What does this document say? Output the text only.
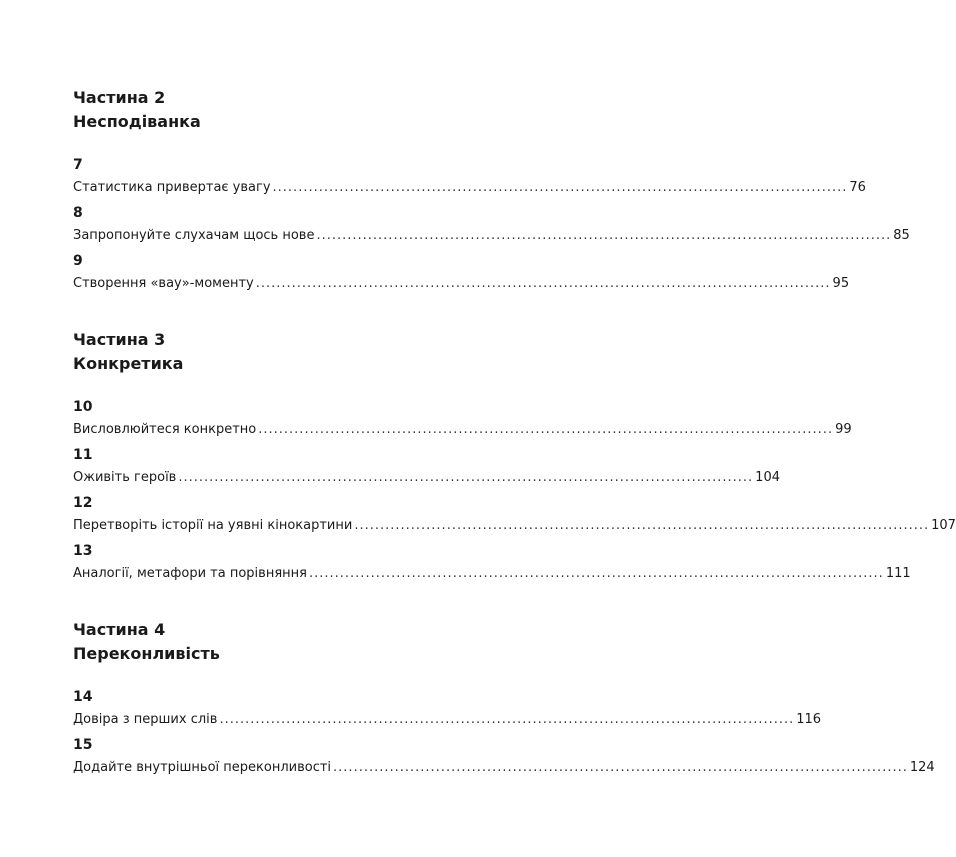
Частина 2
Несподіванка
7
Статистика привертає увагу ................................................................................................................ 76
8
Запропонуйте слухачам щось нове ................................................................................................................ 85
9
Створення «вау»-моменту ................................................................................................................ 95
Частина 3
Конкретика
10
Висловлюйтеся конкретно ................................................................................................................ 99
11
Оживіть героїв ................................................................................................................ 104
12
Перетворіть історії на уявні кінокартини ................................................................................................................ 107
13
Аналогії, метафори та порівняння ................................................................................................................ 111
Частина 4
Переконливість
14
Довіра з перших слів ................................................................................................................ 116
15
Додайте внутрішньої переконливості ................................................................................................................ 124
